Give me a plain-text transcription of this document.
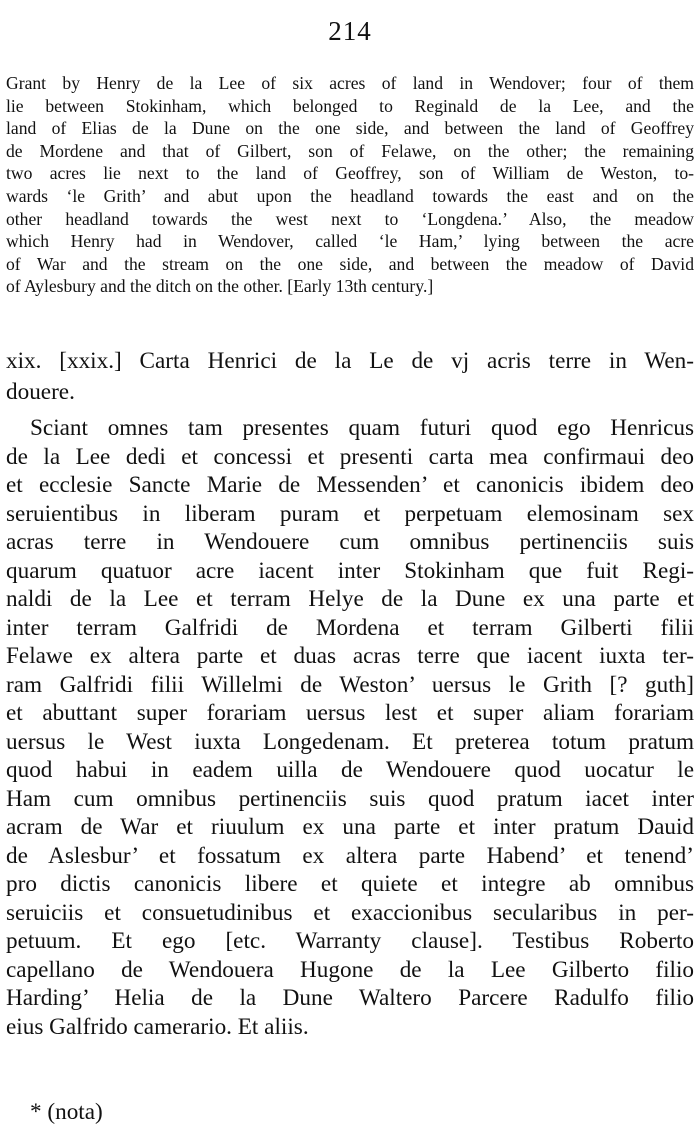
214
Grant by Henry de la Lee of six acres of land in Wendover; four of them
lie between Stokinham, which belonged to Reginald de la Lee, and the
land of Elias de la Dune on the one side, and between the land of Geoffrey
de Mordene and that of Gilbert, son of Felawe, on the other; the remaining
two acres lie next to the land of Geoffrey, son of William de Weston, to-
wards ‘le Grith’ and abut upon the headland towards the east and on the
other headland towards the west next to ‘Longdena.’ Also, the meadow
which Henry had in Wendover, called ‘le Ham,’ lying between the acre
of War and the stream on the one side, and between the meadow of David
of Aylesbury and the ditch on the other. [Early 13th century.]
xix. [xxix.] Carta Henrici de la Le de vj acris terre in Wen-
douere.
Sciant omnes tam presentes quam futuri quod ego Henricus
de la Lee dedi et concessi et presenti carta mea confirmaui deo
et ecclesie Sancte Marie de Messenden’ et canonicis ibidem deo
seruientibus in liberam puram et perpetuam elemosinam sex
acras terre in Wendouere cum omnibus pertinenciis suis
quarum quatuor acre iacent inter Stokinham que fuit Regi-
naldi de la Lee et terram Helye de la Dune ex una parte et
inter terram Galfridi de Mordena et terram Gilberti filii
Felawe ex altera parte et duas acras terre que iacent iuxta ter-
ram Galfridi filii Willelmi de Weston’ uersus le Grith [? guth]
et abuttant super forariam uersus lest et super aliam forariam
uersus le West iuxta Longedenam. Et preterea totum pratum
quod habui in eadem uilla de Wendouere quod uocatur le
Ham cum omnibus pertinenciis suis quod pratum iacet inter
acram de War et riuulum ex una parte et inter pratum Dauid
de Aslesbur’ et fossatum ex altera parte Habend’ et tenend’
pro dictis canonicis libere et quiete et integre ab omnibus
seruiciis et consuetudinibus et exaccionibus secularibus in per-
petuum. Et ego [etc. Warranty clause]. Testibus Roberto
capellano de Wendouera Hugone de la Lee Gilberto filio
Harding’ Helia de la Dune Waltero Parcere Radulfo filio
eius Galfrido camerario. Et aliis.
* (nota)
